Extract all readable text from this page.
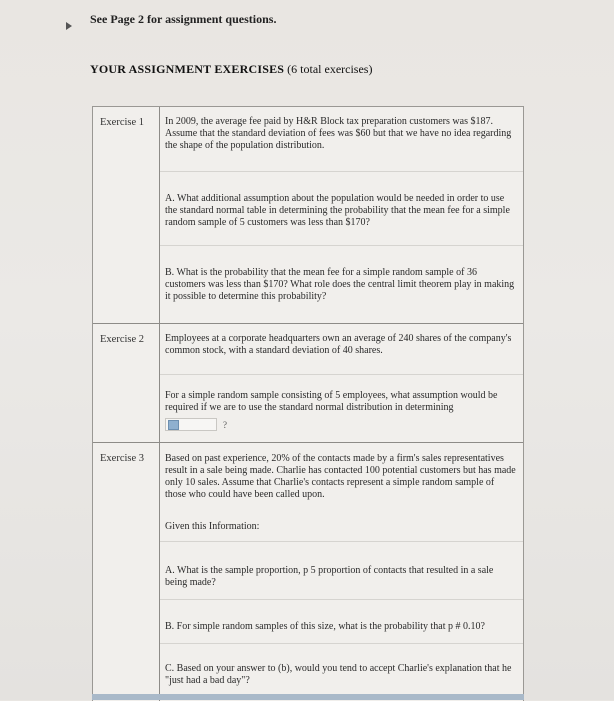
See Page 2 for assignment questions.
YOUR ASSIGNMENT EXERCISES (6 total exercises)
Exercise 1 In 2009, the average fee paid by H&R Block tax preparation customers was $187. Assume that the standard deviation of fees was $60 but that we have no idea regarding the shape of the population distribution.
A. What additional assumption about the population would be needed in order to use the standard normal table in determining the probability that the mean fee for a simple random sample of 5 customers was less than $170?
B. What is the probability that the mean fee for a simple random sample of 36 customers was less than $170? What role does the central limit theorem play in making it possible to determine this probability?
Exercise 2 Employees at a corporate headquarters own an average of 240 shares of the company's common stock, with a standard deviation of 40 shares.
For a simple random sample consisting of 5 employees, what assumption would be required if we are to use the standard normal distribution in determining
?
Exercise 3 Based on past experience, 20% of the contacts made by a firm's sales representatives result in a sale being made. Charlie has contacted 100 potential customers but has made only 10 sales. Assume that Charlie's contacts represent a simple random sample of those who could have been called upon.
Given this Information:
A. What is the sample proportion, p 5 proportion of contacts that resulted in a sale being made?
B. For simple random samples of this size, what is the probability that p # 0.10?
C. Based on your answer to (b), would you tend to accept Charlie's explanation that he "just had a bad day"?
